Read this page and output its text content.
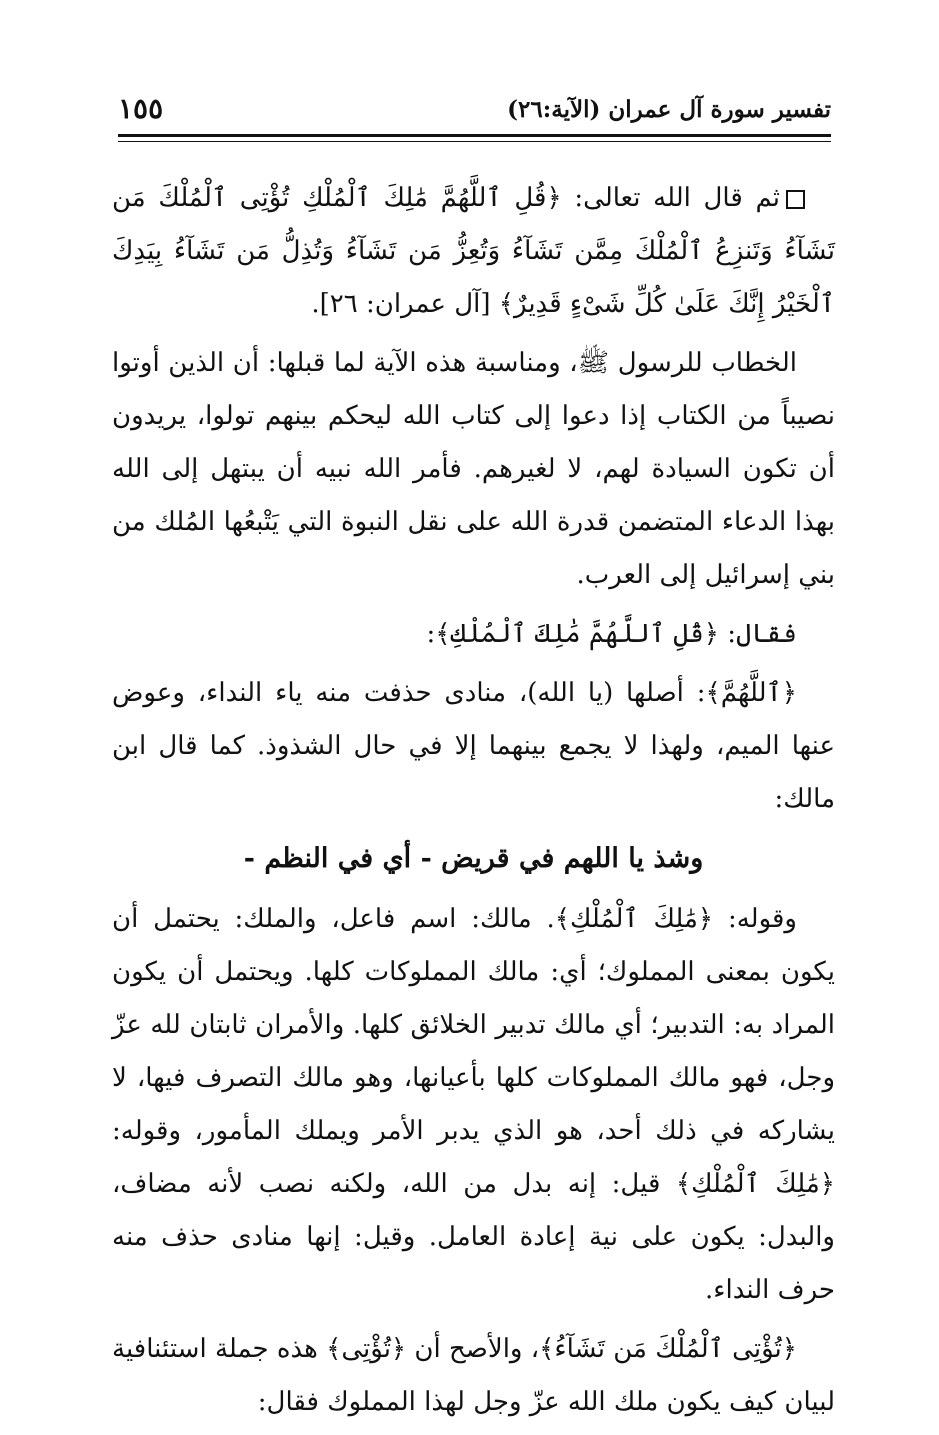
تفسير سورة آل عمران (الآية:٢٦)
١٥٥

ثم قال الله تعالى: ﴿قُلِ ٱللَّهُمَّ مَٰلِكَ ٱلْمُلْكِ تُؤْتِى ٱلْمُلْكَ مَن تَشَآءُ وَتَنزِعُ ٱلْمُلْكَ مِمَّن تَشَآءُ وَتُعِزُّ مَن تَشَآءُ وَتُذِلُّ مَن تَشَآءُ بِيَدِكَ ٱلْخَيْرُ إِنَّكَ عَلَىٰ كُلِّ شَىْءٍ قَدِيرٌ﴾ [آل عمران: ٢٦].

الخطاب للرسول ﷺ، ومناسبة هذه الآية لما قبلها: أن الذين أوتوا نصيباً من الكتاب إذا دعوا إلى كتاب الله ليحكم بينهم تولوا، يريدون أن تكون السيادة لهم، لا لغيرهم. فأمر الله نبيه أن يبتهل إلى الله بهذا الدعاء المتضمن قدرة الله على نقل النبوة التي يَتْبعُها المُلك من بني إسرائيل إلى العرب.

فقال: ﴿قُلِ ٱللَّهُمَّ مَٰلِكَ ٱلْمُلْكِ﴾:

﴿ٱللَّهُمَّ﴾: أصلها (يا الله)، منادى حذفت منه ياء النداء، وعوض عنها الميم، ولهذا لا يجمع بينهما إلا في حال الشذوذ. كما قال ابن مالك:

وشذ يا اللهم في قريض - أي في النظم -

وقوله: ﴿مَٰلِكَ ٱلْمُلْكِ﴾. مالك: اسم فاعل، والملك: يحتمل أن يكون بمعنى المملوك؛ أي: مالك المملوكات كلها. ويحتمل أن يكون المراد به: التدبير؛ أي مالك تدبير الخلائق كلها. والأمران ثابتان لله عزّ وجل، فهو مالك المملوكات كلها بأعيانها، وهو مالك التصرف فيها، لا يشاركه في ذلك أحد، هو الذي يدبر الأمر ويملك المأمور، وقوله: ﴿مَٰلِكَ ٱلْمُلْكِ﴾ قيل: إنه بدل من الله، ولكنه نصب لأنه مضاف، والبدل: يكون على نية إعادة العامل. وقيل: إنها منادى حذف منه حرف النداء.

﴿تُؤْتِى ٱلْمُلْكَ مَن تَشَآءُ﴾، والأصح أن ﴿تُؤْتِى﴾ هذه جملة استئنافية لبيان كيف يكون ملك الله عزّ وجل لهذا المملوك فقال:
